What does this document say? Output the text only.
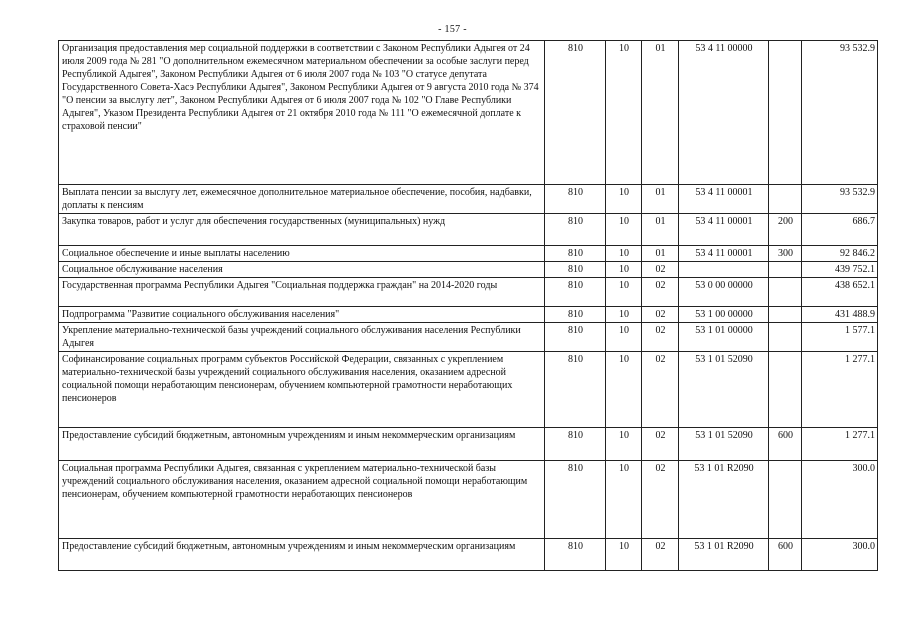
- 157 -
Организация предоставления мер социальной поддержки в соответствии с Законом Республики Адыгея от 24 июля 2009 года № 281 "О дополнительном ежемесячном материальном обеспечении за особые заслуги перед Республикой Адыгея", Законом Республики Адыгея от 6 июля 2007 года № 103 "О статусе депутата Государственного Совета-Хасэ Республики Адыгея", Законом Республики Адыгея от 9 августа 2010 года № 374 "О пенсии за выслугу лет", Законом Республики Адыгея от 6 июля 2007 года № 102 "О Главе Республики Адыгея", Указом Президента Республики Адыгея от 21 октября 2010 года № 111 "О ежемесячной доплате к страховой пенсии"	810	10	01	53 4 11 00000		93 532.9
Выплата пенсии за выслугу лет, ежемесячное дополнительное материальное обеспечение, пособия, надбавки, доплаты к пенсиям	810	10	01	53 4 11 00001		93 532.9
Закупка товаров, работ и услуг для обеспечения государственных (муниципальных) нужд	810	10	01	53 4 11 00001	200	686.7
Социальное обеспечение и иные выплаты населению	810	10	01	53 4 11 00001	300	92 846.2
Социальное обслуживание населения	810	10	02			439 752.1
Государственная программа Республики Адыгея "Социальная поддержка граждан" на 2014-2020 годы	810	10	02	53 0 00 00000		438 652.1
Подпрограмма "Развитие социального обслуживания населения"	810	10	02	53 1 00 00000		431 488.9
Укрепление материально-технической базы учреждений социального обслуживания населения Республики Адыгея	810	10	02	53 1 01 00000		1 577.1
Софинансирование социальных программ субъектов Российской Федерации, связанных с укреплением материально-технической базы учреждений социального обслуживания населения, оказанием адресной социальной помощи неработающим пенсионерам, обучением компьютерной грамотности неработающих пенсионеров	810	10	02	53 1 01 52090		1 277.1
Предоставление субсидий бюджетным, автономным учреждениям и иным некоммерческим организациям	810	10	02	53 1 01 52090	600	1 277.1
Социальная программа Республики Адыгея, связанная с укреплением материально-технической базы учреждений социального обслуживания населения, оказанием адресной социальной помощи неработающим пенсионерам, обучением компьютерной грамотности неработающих пенсионеров	810	10	02	53 1 01 R2090		300.0
Предоставление субсидий бюджетным, автономным учреждениям и иным некоммерческим организациям	810	10	02	53 1 01 R2090	600	300.0
